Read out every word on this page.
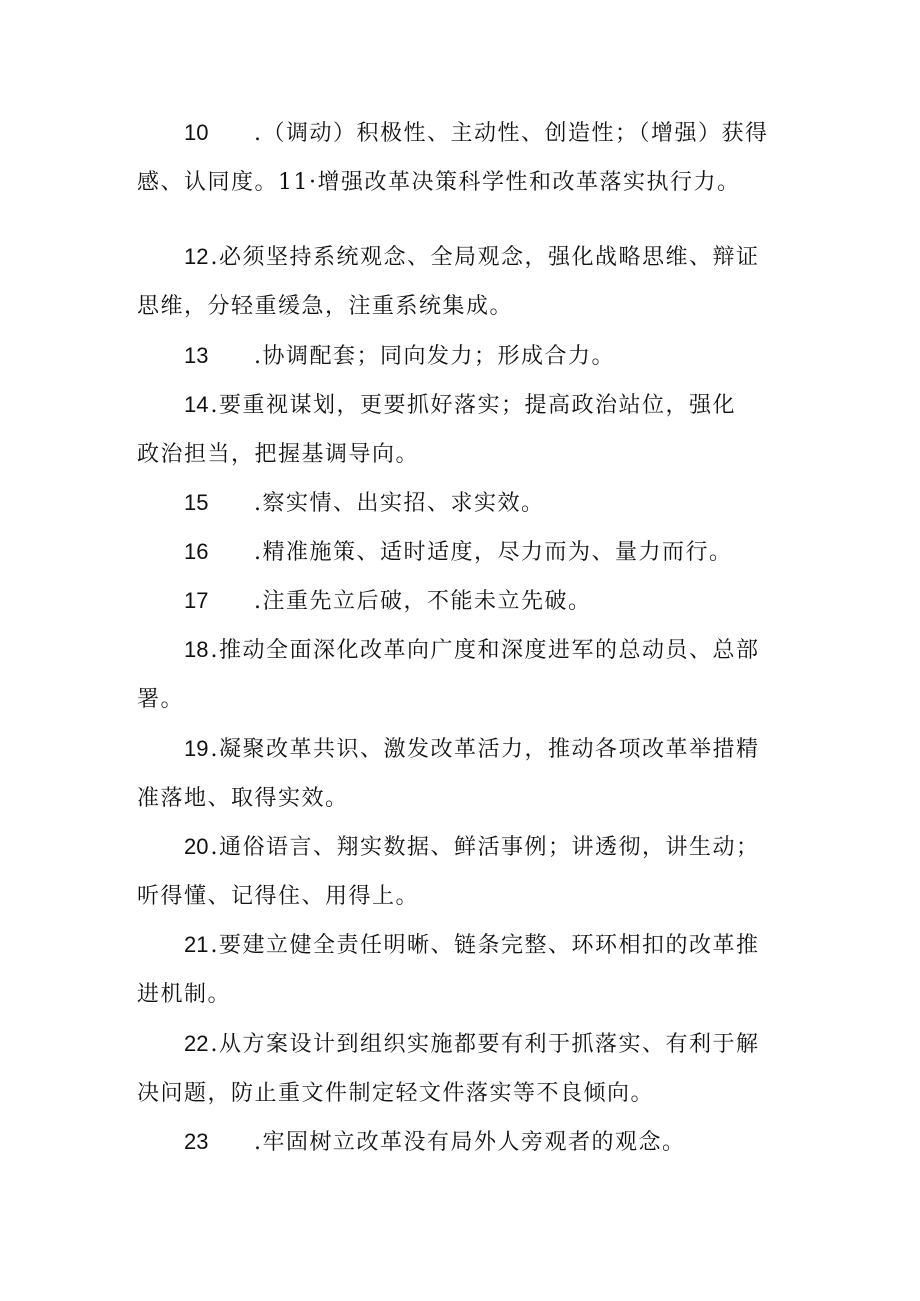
10 .（调动）积极性、主动性、创造性；（增强）获得
感、认同度。11·增强改革决策科学性和改革落实执行力。
12.必须坚持系统观念、全局观念，强化战略思维、辩证
思维，分轻重缓急，注重系统集成。
13 .协调配套；同向发力；形成合力。
14.要重视谋划，更要抓好落实；提高政治站位，强化
政治担当，把握基调导向。
15 .察实情、出实招、求实效。
16 .精准施策、适时适度，尽力而为、量力而行。
17 .注重先立后破，不能未立先破。
18.推动全面深化改革向广度和深度进军的总动员、总部
署。
19.凝聚改革共识、激发改革活力，推动各项改革举措精
准落地、取得实效。
20.通俗语言、翔实数据、鲜活事例；讲透彻，讲生动；
听得懂、记得住、用得上。
21.要建立健全责任明晰、链条完整、环环相扣的改革推
进机制。
22.从方案设计到组织实施都要有利于抓落实、有利于解
决问题，防止重文件制定轻文件落实等不良倾向。
23 .牢固树立改革没有局外人旁观者的观念。
